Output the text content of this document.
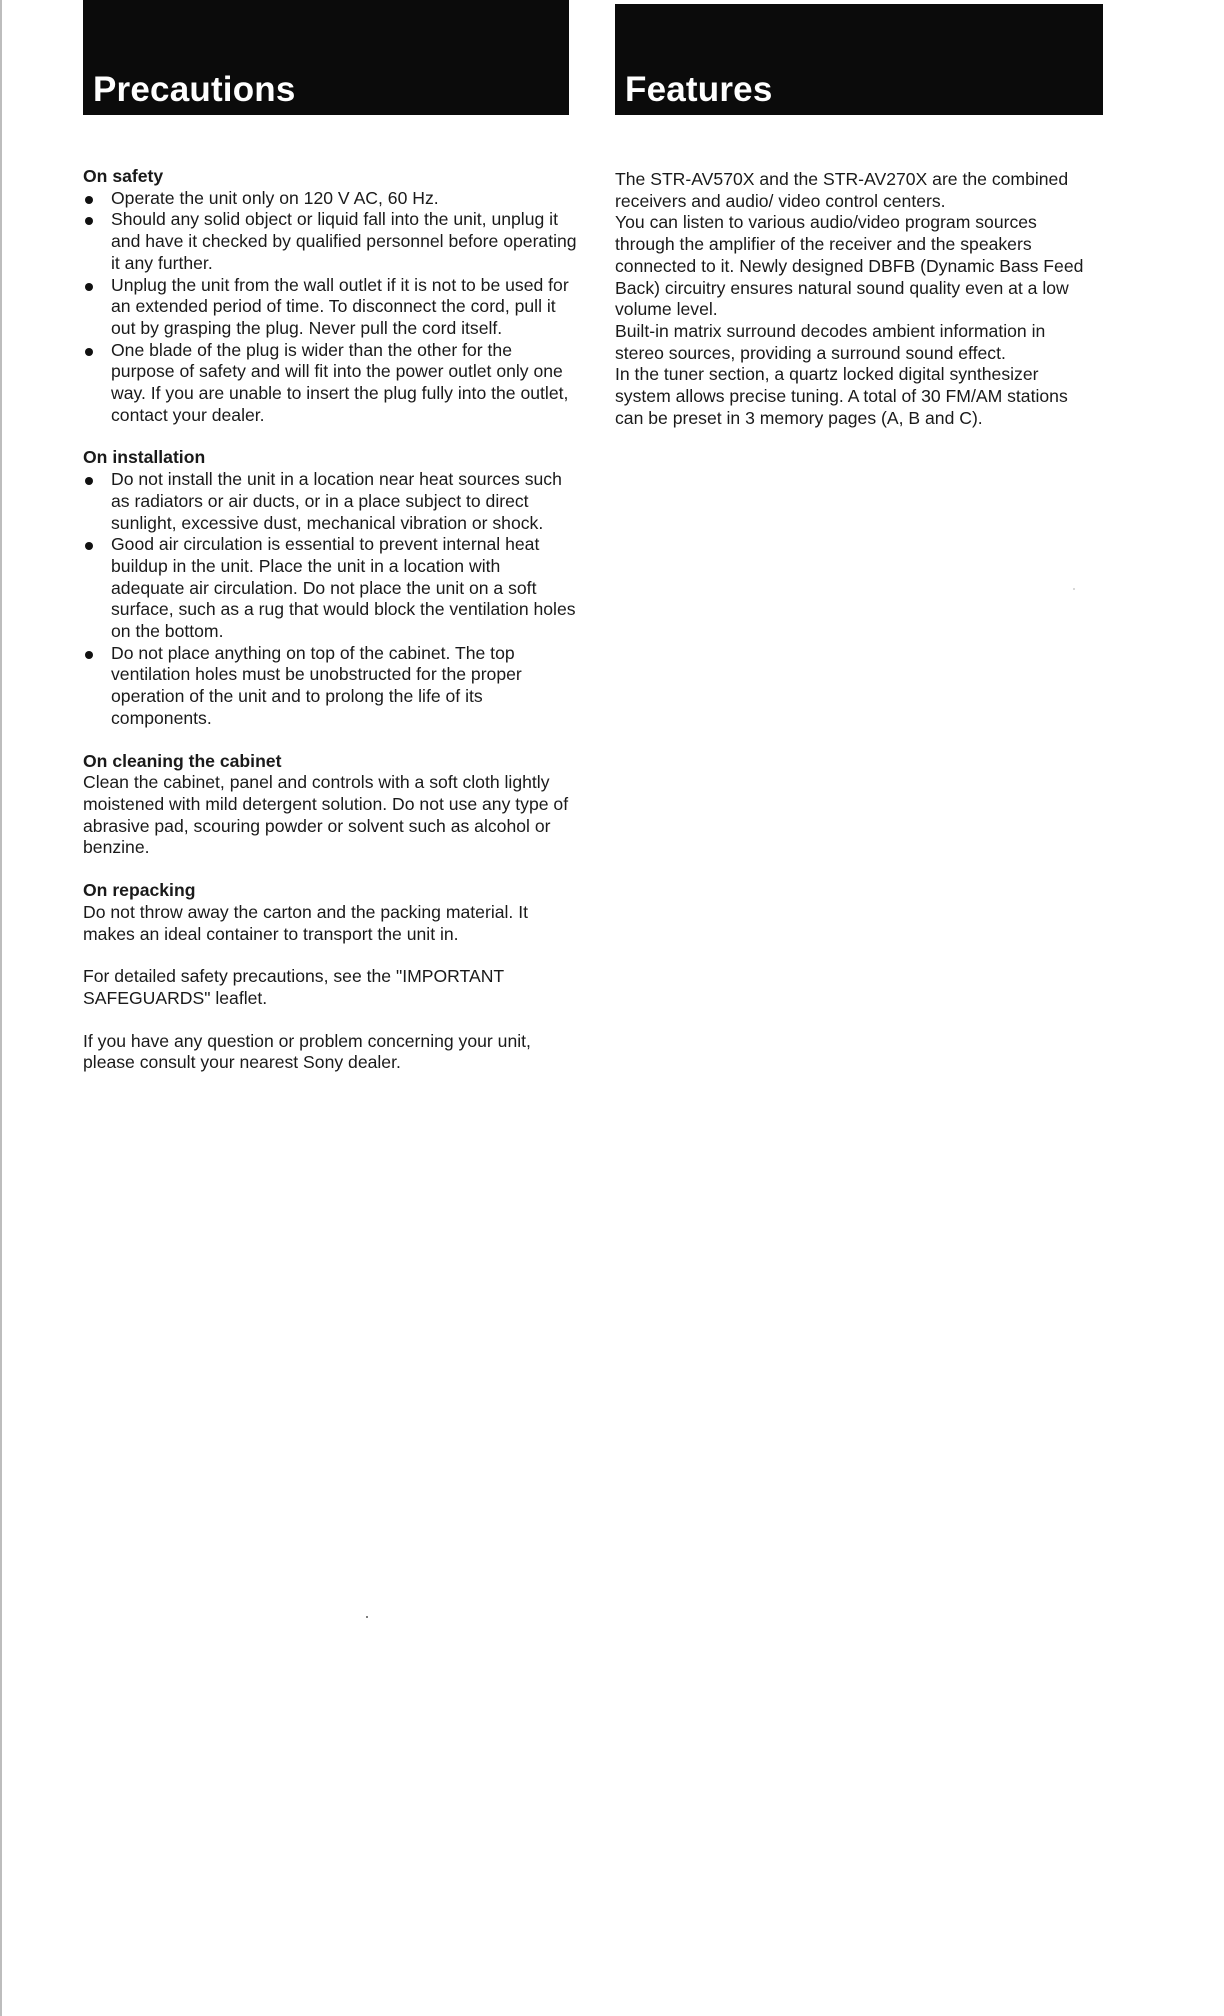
Precautions	Features

On safety

Operate the unit only on 120 V AC, 60 Hz.
Should any solid object or liquid fall into the unit, unplug it and have it checked by qualified personnel before operating it any further.
Unplug the unit from the wall outlet if it is not to be used for an extended period of time. To disconnect the cord, pull it out by grasping the plug. Never pull the cord itself.
One blade of the plug is wider than the other for the purpose of safety and will fit into the power outlet only one way. If you are unable to insert the plug fully into the outlet, contact your dealer.

On installation

Do not install the unit in a location near heat sources such as radiators or air ducts, or in a place subject to direct sunlight, excessive dust, mechanical vibration or shock.
Good air circulation is essential to prevent internal heat buildup in the unit. Place the unit in a location with adequate air circulation. Do not place the unit on a soft surface, such as a rug that would block the ventilation holes on the bottom.
Do not place anything on top of the cabinet. The top ventilation holes must be unobstructed for the proper operation of the unit and to prolong the life of its components.

On cleaning the cabinet

Clean the cabinet, panel and controls with a soft cloth lightly moistened with mild detergent solution. Do not use any type of abrasive pad, scouring powder or solvent such as alcohol or benzine.

On repacking

Do not throw away the carton and the packing material. It makes an ideal container to transport the unit in.

For detailed safety precautions, see the "IMPORTANT SAFEGUARDS" leaflet.

If you have any question or problem concerning your unit, please consult your nearest Sony dealer.

The STR-AV570X and the STR-AV270X are the combined receivers and audio/ video control centers.

You can listen to various audio/video program sources through the amplifier of the receiver and the speakers connected to it. Newly designed DBFB (Dynamic Bass Feed Back) circuitry ensures natural sound quality even at a low volume level.

Built-in matrix surround decodes ambient information in stereo sources, providing a surround sound effect.

In the tuner section, a quartz locked digital synthesizer system allows precise tuning. A total of 30 FM/AM stations can be preset in 3 memory pages (A, B and C).
